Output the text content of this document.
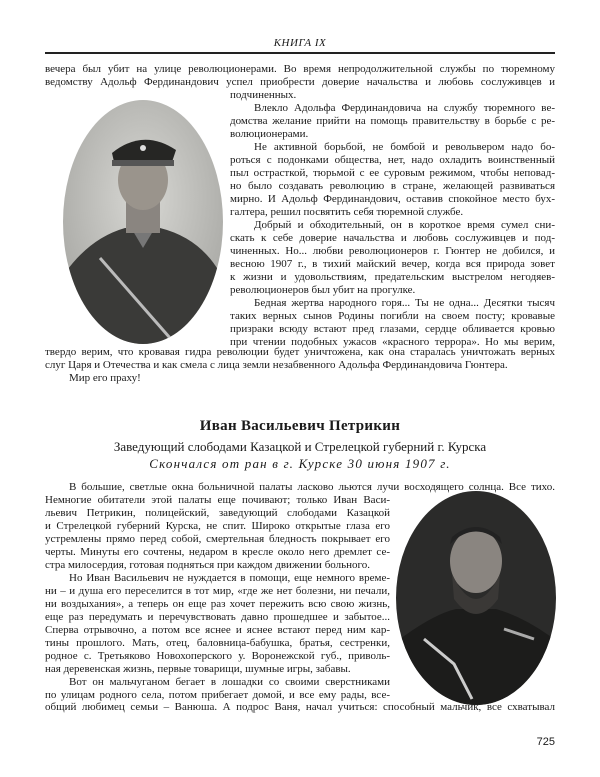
КНИГА IX
вечера был убит на улице революционерами. Во время непродолжительной службы по тюремному
ведомству Адольф Фердинандович успел приобрести доверие начальства и любовь сослуживцев и
подчиненных.
Влекло Адольфа Фердинандовича на службу тюремного ве-
домства желание прийти на помощь правительству в борьбе с ре-
волюционерами.
Не активной борьбой, не бомбой и револьвером надо бо-
роться с подонками общества, нет, надо охладить воинственный
пыл острасткой, тюрьмой с ее суровым режимом, чтобы неповад-
но было создавать революцию в стране, желающей развиваться
мирно. И Адольф Фердинандович, оставив спокойное место бух-
галтера, решил посвятить себя тюремной службе.
Добрый и обходительный, он в короткое время сумел сни-
скать к себе доверие начальства и любовь сослуживцев и под-
чиненных. Но... любви революционеров г. Гюнтер не добился, и
весною 1907 г., в тихий майский вечер, когда вся природа зовет
к жизни и удовольствиям, предательским выстрелом негодяев-
революционеров был убит на прогулке.
Бедная жертва народного горя... Ты не одна... Десятки тысяч
таких верных сынов Родины погибли на своем посту; кровавые
призраки всюду встают пред глазами, сердце обливается кровью
при чтении подобных ужасов «красного террора». Но мы верим,
твердо верим, что кровавая гидра революции будет уничтожена, как она старалась уничтожать верных
слуг Царя и Отечества и как смела с лица земли незабвенного Адольфа Фердинандовича Гюнтера.
Мир его праху!
Иван Васильевич Петрикин
Заведующий слободами Казацкой и Стрелецкой губерний г. Курска
Скончался от ран в г. Курске 30 июня 1907 г.
В большие, светлые окна больничной палаты ласково льются лучи восходящего солнца. Все тихо.
Немногие обитатели этой палаты еще почивают; только Иван Васи-
льевич Петрикин, полицейский, заведующий слободами Казацкой
и Стрелецкой губерний Курска, не спит. Широко открытые глаза его
устремлены прямо перед собой, смертельная бледность покрывает его
черты. Минуты его сочтены, недаром в кресле около него дремлет се-
стра милосердия, готовая подняться при каждом движении больного.
Но Иван Васильевич не нуждается в помощи, еще немного време-
ни – и душа его переселится в тот мир, «где же нет болезни, ни печали,
ни воздыхания», а теперь он еще раз хочет пережить всю свою жизнь,
еще раз передумать и перечувствовать давно прошедшее и забытое...
Сперва отрывочно, а потом все яснее и яснее встают перед ним кар-
тины прошлого. Мать, отец, баловница-бабушка, братья, сестренки,
родное с. Третьяково Новохоперского у. Воронежской губ., приволь-
ная деревенская жизнь, первые товарищи, шумные игры, забавы.
Вот он мальчуганом бегает в лошадки со своими сверстниками
по улицам родного села, потом прибегает домой, и все ему рады, все-
общий любимец семьи – Ванюша. А подрос Ваня, начал учиться: способный мальчик, все схватывал
725
